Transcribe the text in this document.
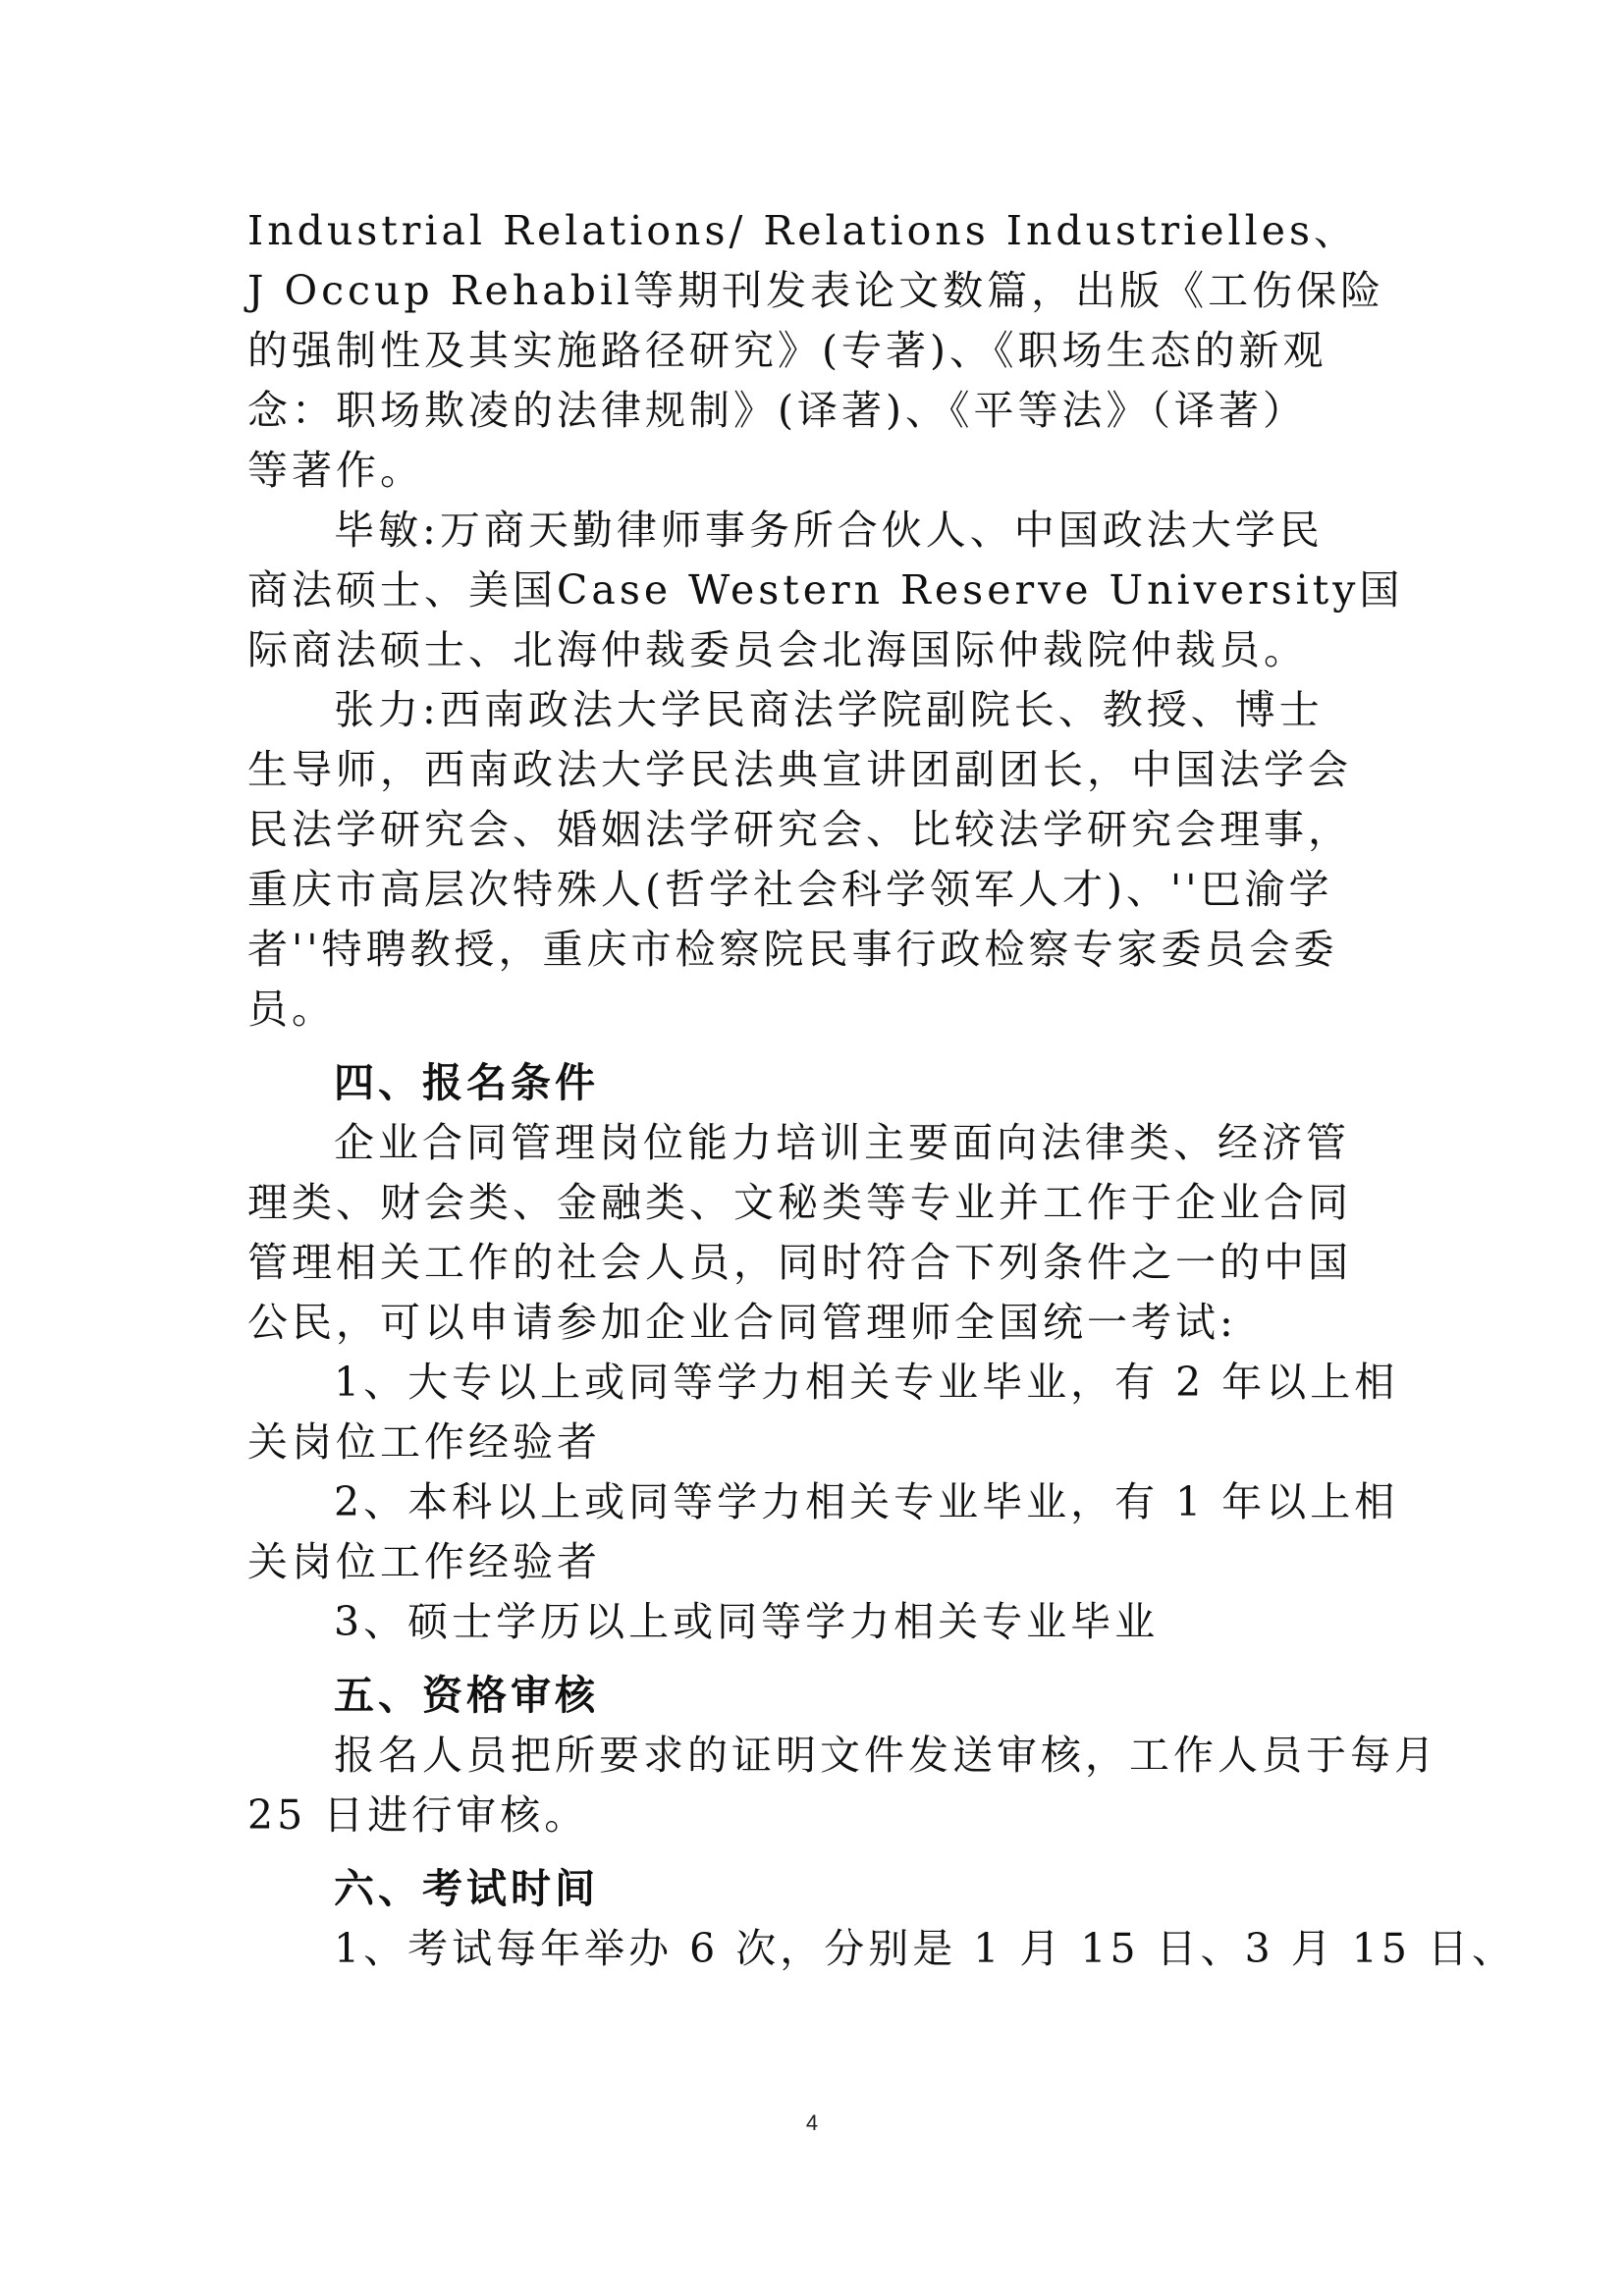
Industrial Relations/ Relations Industrielles、
J Occup Rehabil等期刊发表论文数篇，出版《工伤保险
的强制性及其实施路径研究》(专著)、《职场生态的新观
念：职场欺凌的法律规制》(译著)、《平等法》（译著）
等著作。
毕敏:万商天勤律师事务所合伙人、中国政法大学民
商法硕士、美国Case Western Reserve University国
际商法硕士、北海仲裁委员会北海国际仲裁院仲裁员。
张力:西南政法大学民商法学院副院长、教授、博士
生导师，西南政法大学民法典宣讲团副团长，中国法学会
民法学研究会、婚姻法学研究会、比较法学研究会理事，
重庆市高层次特殊人(哲学社会科学领军人才)、''巴渝学
者''特聘教授，重庆市检察院民事行政检察专家委员会委
员。
四、报名条件
企业合同管理岗位能力培训主要面向法律类、经济管
理类、财会类、金融类、文秘类等专业并工作于企业合同
管理相关工作的社会人员，同时符合下列条件之一的中国
公民，可以申请参加企业合同管理师全国统一考试:
1、大专以上或同等学力相关专业毕业，有 2 年以上相
关岗位工作经验者
2、本科以上或同等学力相关专业毕业，有 1 年以上相
关岗位工作经验者
3、硕士学历以上或同等学力相关专业毕业
五、资格审核
报名人员把所要求的证明文件发送审核，工作人员于每月
25 日进行审核。
六、考试时间
1、考试每年举办 6 次，分别是 1 月 15 日、3 月 15 日、
4
